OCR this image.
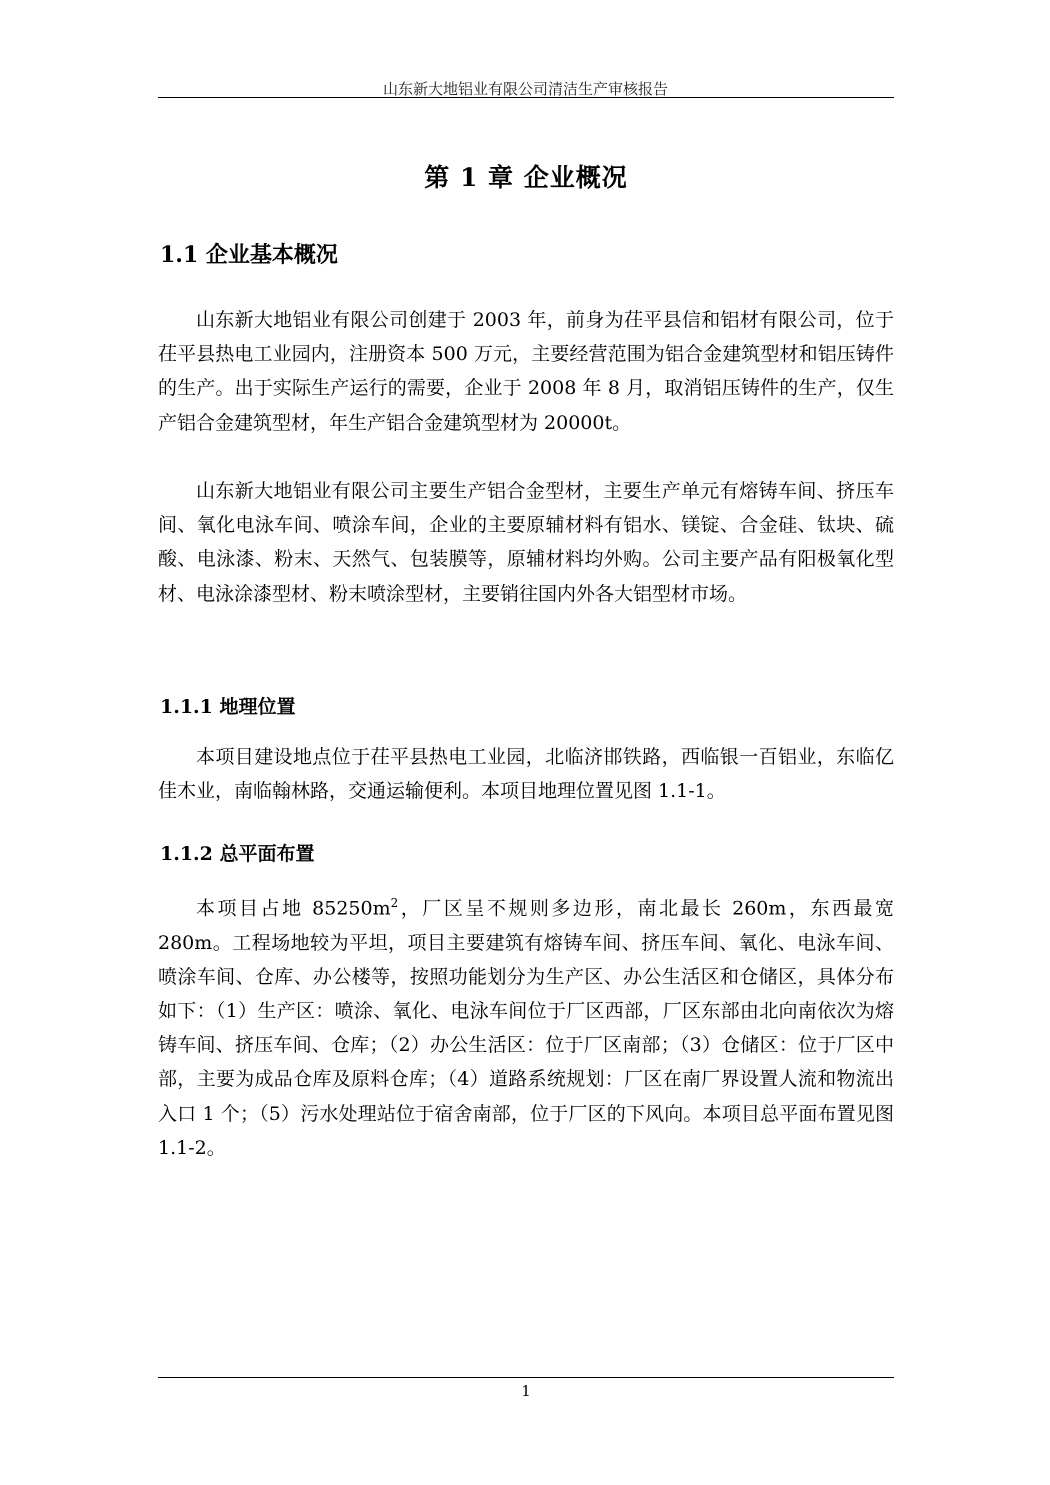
山东新大地铝业有限公司清洁生产审核报告
第 1 章 企业概况
1.1 企业基本概况

山东新大地铝业有限公司创建于 2003 年，前身为茌平县信和铝材有限公司，位于茌平县热电工业园内，注册资本 500 万元，主要经营范围为铝合金建筑型材和铝压铸件的生产。出于实际生产运行的需要，企业于 2008 年 8 月，取消铝压铸件的生产，仅生产铝合金建筑型材，年生产铝合金建筑型材为 20000t。

山东新大地铝业有限公司主要生产铝合金型材，主要生产单元有熔铸车间、挤压车间、氧化电泳车间、喷涂车间，企业的主要原辅材料有铝水、镁锭、合金硅、钛块、硫酸、电泳漆、粉末、天然气、包装膜等，原辅材料均外购。公司主要产品有阳极氧化型材、电泳涂漆型材、粉末喷涂型材，主要销往国内外各大铝型材市场。

1.1.1 地理位置

本项目建设地点位于茌平县热电工业园，北临济邯铁路，西临银一百铝业，东临亿佳木业，南临翰林路，交通运输便利。本项目地理位置见图 1.1-1。

1.1.2 总平面布置

本项目占地 $85250m^2$，厂区呈不规则多边形，南北最长 260m，东西最宽 280m。工程场地较为平坦，项目主要建筑有熔铸车间、挤压车间、氧化、电泳车间、喷涂车间、仓库、办公楼等，按照功能划分为生产区、办公生活区和仓储区，具体分布如下：（1）生产区：喷涂、氧化、电泳车间位于厂区西部，厂区东部由北向南依次为熔铸车间、挤压车间、仓库；（2）办公生活区：位于厂区南部；（3）仓储区：位于厂区中部，主要为成品仓库及原料仓库；（4）道路系统规划：厂区在南厂界设置人流和物流出入口 1 个；（5）污水处理站位于宿舍南部，位于厂区的下风向。本项目总平面布置见图 1.1-2。

1
